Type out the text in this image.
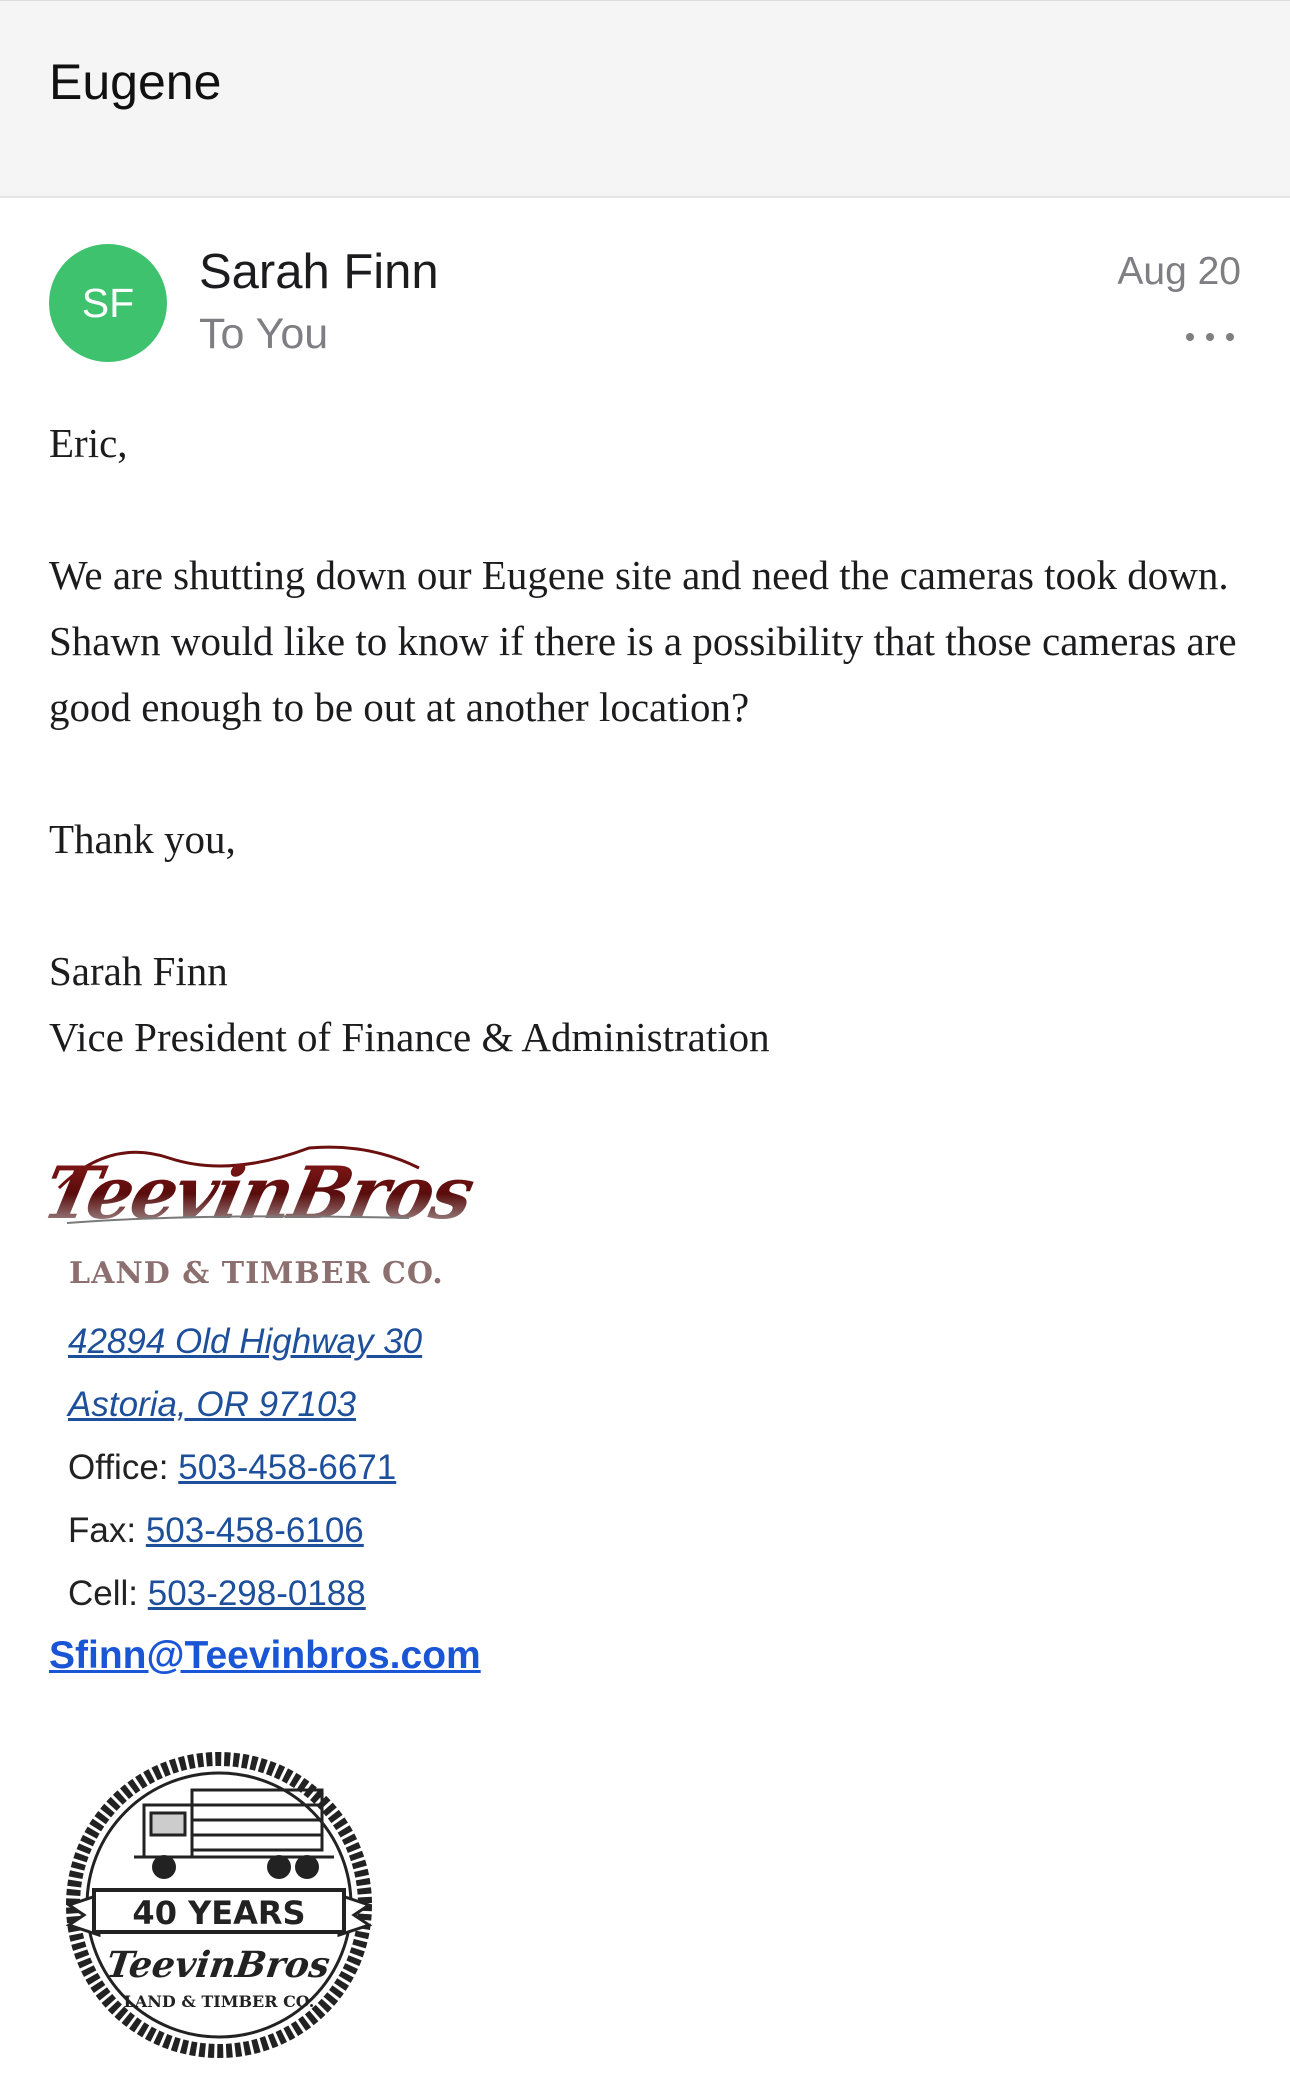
Eugene
SF
Sarah Finn
To You
Aug 20

Eric,

We are shutting down our Eugene site and need the cameras took down. Shawn would like to know if there is a possibility that those cameras are good enough to be out at another location?

Thank you,

Sarah Finn

Vice President of Finance & Administration

TeevinBros
LAND & TIMBER CO.
42894 Old Highway 30
Astoria, OR 97103
Office: 503-458-6671
Fax: 503-458-6106
Cell: 503-298-0188
Sfinn@Teevinbros.com
40 YEARS
TeevinBros
LAND & TIMBER CO.
